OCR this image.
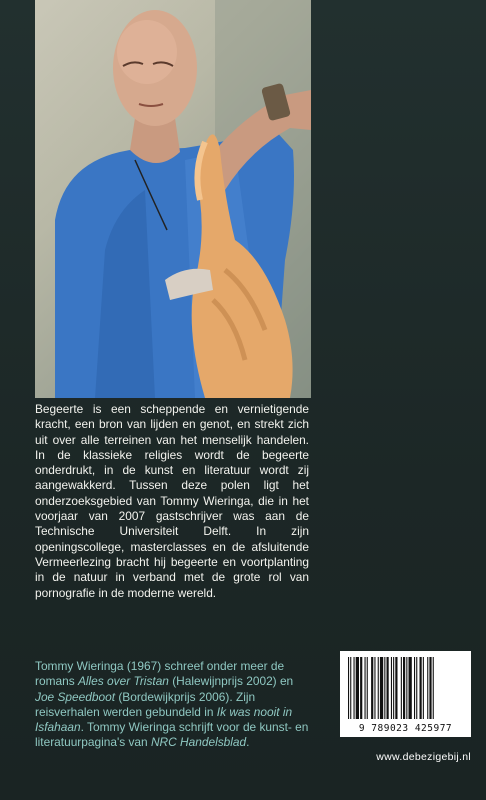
Begeerte is een scheppende en vernietigende kracht, een bron van lijden en genot, en strekt zich uit over alle terreinen van het menselijk handelen. In de klassieke religies wordt de begeerte onderdrukt, in de kunst en literatuur wordt zij aangewakkerd. Tussen deze polen ligt het onderzoeksgebied van Tommy Wieringa, die in het voorjaar van 2007 gastschrijver was aan de Technische Universiteit Delft. In zijn openingscollege, masterclasses en de afsluitende Vermeerlezing bracht hij begeerte en voortplanting in de natuur in verband met de grote rol van pornografie in de moderne wereld.

Tommy Wieringa (1967) schreef onder meer de romans Alles over Tristan (Halewijnprijs 2002) en Joe Speedboot (Bordewijkprijs 2006). Zijn reisverhalen werden gebundeld in Ik was nooit in Isfahaan. Tommy Wieringa schrijft voor de kunst- en literatuurpagina's van NRC Handelsblad.

9 789023 425977
www.debezigebij.nl
